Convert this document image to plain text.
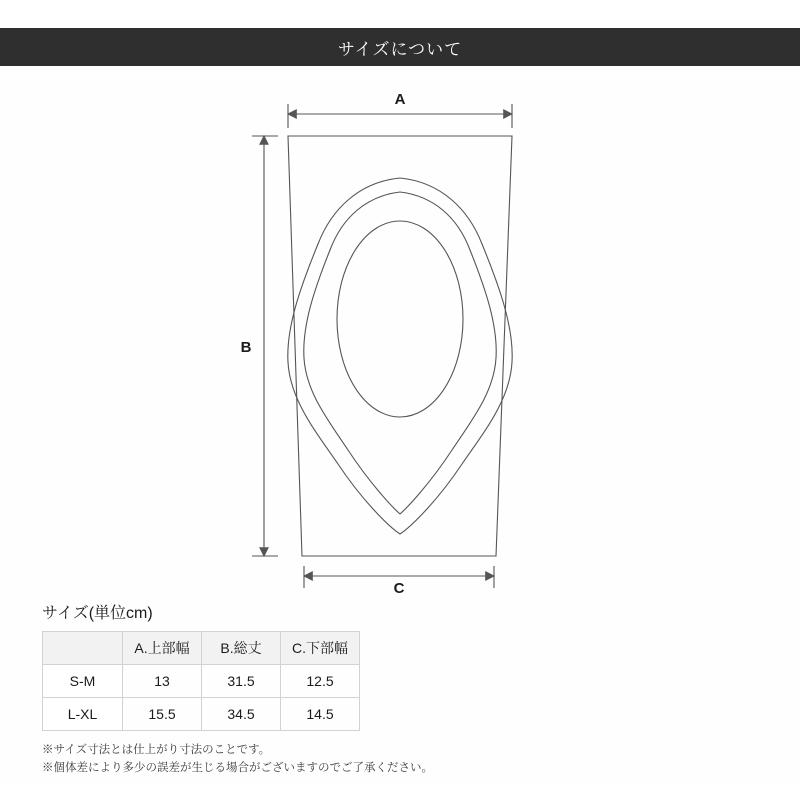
サイズについて
A
B
C
サイズ(単位cm)
	A.上部幅	B.総丈	C.下部幅
S-M	13	31.5	12.5
L-XL	15.5	34.5	14.5
※サイズ寸法とは仕上がり寸法のことです。
※個体差により多少の誤差が生じる場合がございますのでご了承ください。
